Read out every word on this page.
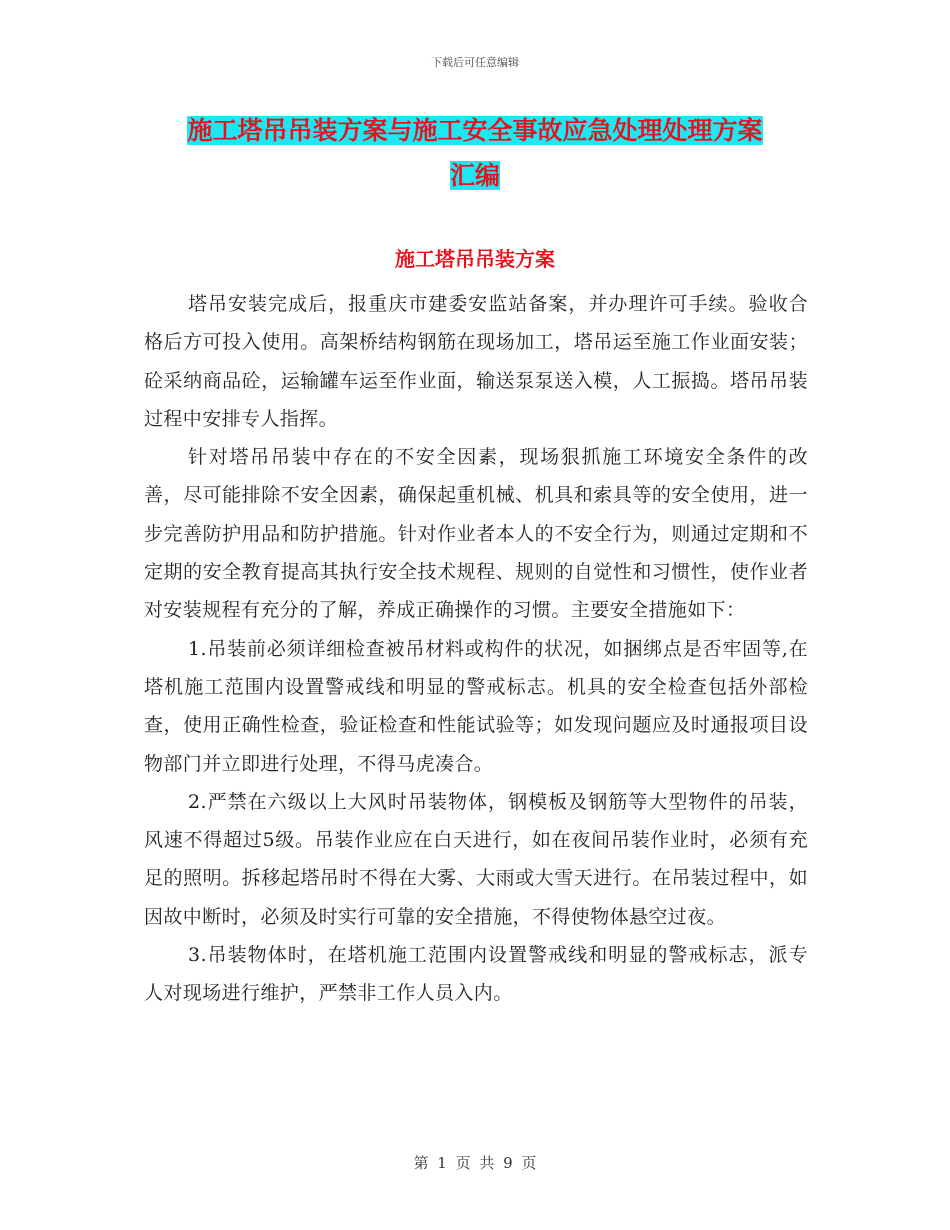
下载后可任意编辑
施工塔吊吊装方案与施工安全事故应急处理处理方案
汇编
施工塔吊吊装方案

塔吊安装完成后，报重庆市建委安监站备案，并办理许可手续。验收合格后方可投入使用。高架桥结构钢筋在现场加工，塔吊运至施工作业面安装；砼采纳商品砼，运输罐车运至作业面，输送泵泵送入模，人工振捣。塔吊吊装过程中安排专人指挥。

针对塔吊吊装中存在的不安全因素，现场狠抓施工环境安全条件的改善，尽可能排除不安全因素，确保起重机械、机具和索具等的安全使用，进一步完善防护用品和防护措施。针对作业者本人的不安全行为，则通过定期和不定期的安全教育提高其执行安全技术规程、规则的自觉性和习惯性，使作业者对安装规程有充分的了解，养成正确操作的习惯。主要安全措施如下：

1.吊装前必须详细检查被吊材料或构件的状况，如捆绑点是否牢固等,在塔机施工范围内设置警戒线和明显的警戒标志。机具的安全检查包括外部检查，使用正确性检查，验证检查和性能试验等；如发现问题应及时通报项目设物部门并立即进行处理，不得马虎凑合。

2.严禁在六级以上大风时吊装物体，钢模板及钢筋等大型物件的吊装，风速不得超过5级。吊装作业应在白天进行，如在夜间吊装作业时，必须有充足的照明。拆移起塔吊时不得在大雾、大雨或大雪天进行。在吊装过程中，如因故中断时，必须及时实行可靠的安全措施，不得使物体悬空过夜。

3.吊装物体时，在塔机施工范围内设置警戒线和明显的警戒标志，派专人对现场进行维护，严禁非工作人员入内。

第 1 页 共 9 页
